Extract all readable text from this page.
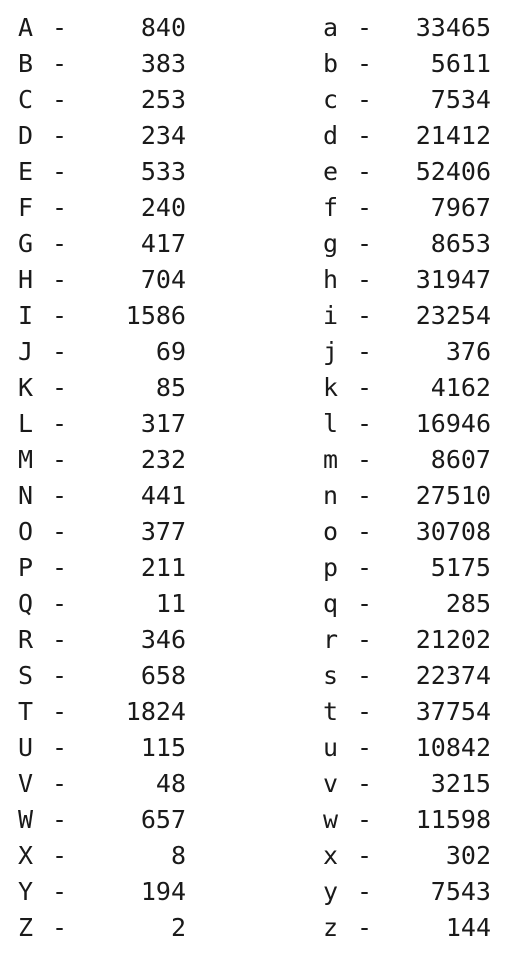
A -	840
B -	383
C -	253
D -	234
E -	533
F -	240
G -	417
H -	704
I -	1586
J -	69
K -	85
L -	317
M -	232
N -	441
O -	377
P -	211
Q -	11
R -	346
S -	658
T -	1824
U -	115
V -	48
W -	657
X -	8
Y -	194
Z -	2
a -	33465
b -	5611
c -	7534
d -	21412
e -	52406
f -	7967
g -	8653
h -	31947
i -	23254
j -	376
k -	4162
l -	16946
m -	8607
n -	27510
o -	30708
p -	5175
q -	285
r -	21202
s -	22374
t -	37754
u -	10842
v -	3215
w -	11598
x -	302
y -	7543
z -	144
